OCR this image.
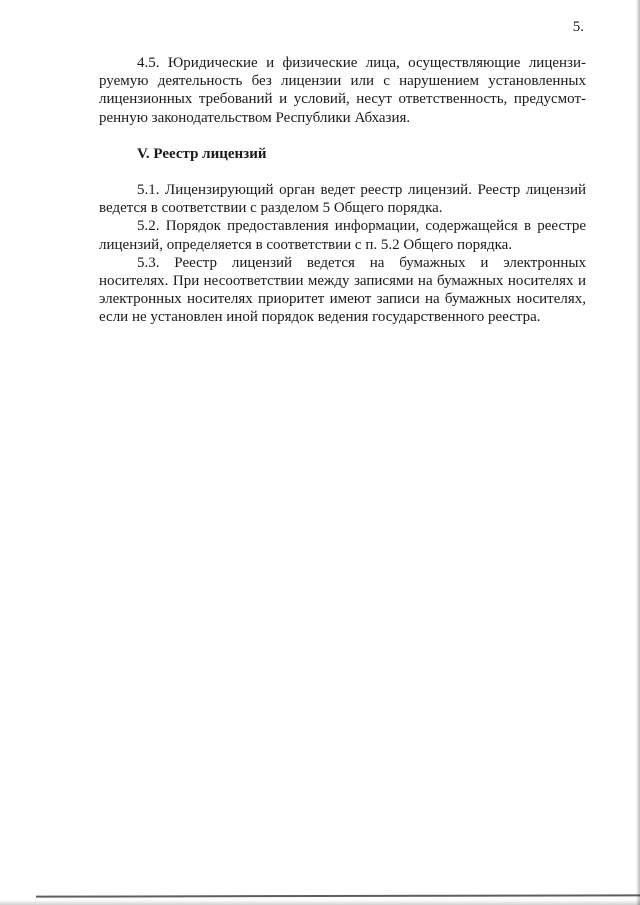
5.
4.5. Юридические и физические лица, осуществляющие лицензи-
руемую деятельность без лицензии или с нарушением установленных
лицензионных требований и условий, несут ответственность, предусмот-
ренную законодательством Республики Абхазия.
V. Реестр лицензий
5.1. Лицензирующий орган ведет реестр лицензий. Реестр лицензий
ведется в соответствии с разделом 5 Общего порядка.
5.2. Порядок предоставления информации, содержащейся в реестре
лицензий, определяется в соответствии с п. 5.2 Общего порядка.
5.3. Реестр лицензий ведется на бумажных и электронных
носителях. При несоответствии между записями на бумажных носителях и
электронных носителях приоритет имеют записи на бумажных носителях,
если не установлен иной порядок ведения государственного реестра.
